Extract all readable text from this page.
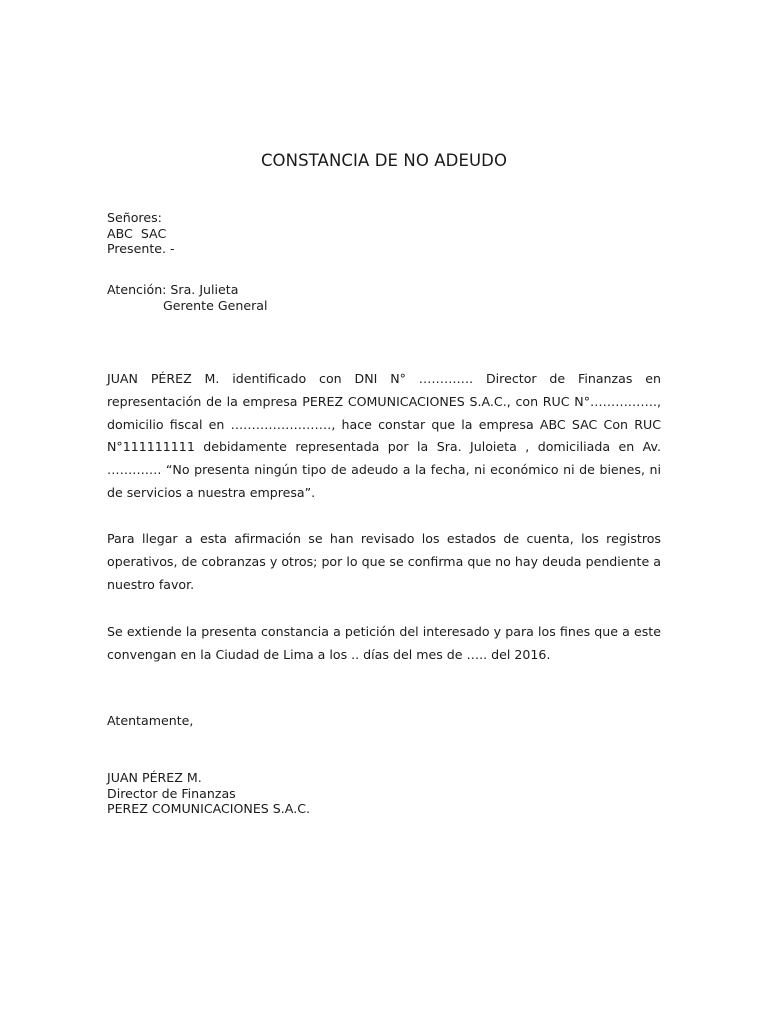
CONSTANCIA DE NO ADEUDO
Señores:
ABC  SAC
Presente. -
Atención: Sra. Julieta
Gerente General
JUAN PÉREZ M. identificado con DNI N° …………. Director de Finanzas en representación de la empresa PEREZ COMUNICACIONES S.A.C., con RUC N°……………., domicilio fiscal en ……………………, hace constar que la empresa ABC SAC Con RUC N°111111111 debidamente representada por la Sra. Juloieta , domiciliada en Av. …………. “No presenta ningún tipo de adeudo a la fecha, ni económico ni de bienes, ni de servicios a nuestra empresa”.
Para llegar a esta afirmación se han revisado los estados de cuenta, los registros operativos, de cobranzas y otros; por lo que se confirma que no hay deuda pendiente a nuestro favor.
Se extiende la presenta constancia a petición del interesado y para los fines que a este convengan en la Ciudad de Lima a los .. días del mes de ….. del 2016.
Atentamente,
JUAN PÉREZ M.
Director de Finanzas
PEREZ COMUNICACIONES S.A.C.
